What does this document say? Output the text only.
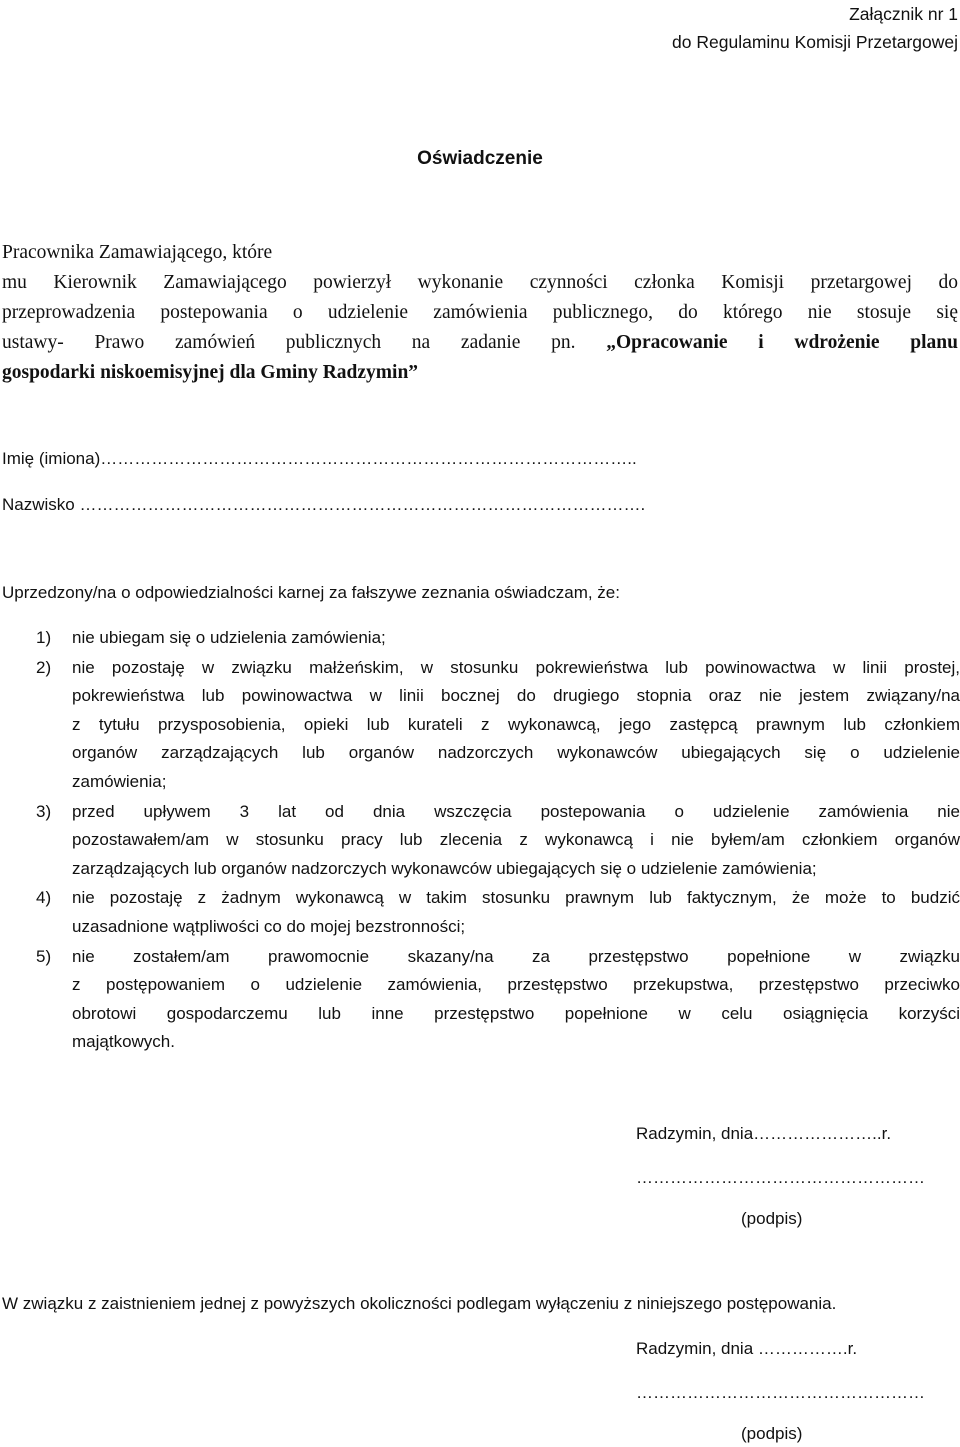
Załącznik nr 1
do Regulaminu Komisji Przetargowej
Oświadczenie
Pracownika Zamawiającego, które
mu Kierownik Zamawiającego powierzył wykonanie czynności członka Komisji przetargowej do
przeprowadzenia postepowania o udzielenie zamówienia publicznego, do którego nie stosuje się
ustawy- Prawo zamówień publicznych na zadanie pn. „Opracowanie i wdrożenie planu
gospodarki niskoemisyjnej dla Gminy Radzymin”
Imię (imiona)…………………………………………………………………………………..
Nazwisko ……………………………………………………………………………………….
Uprzedzony/na o odpowiedzialności karnej za fałszywe zeznania oświadczam, że:
1) nie ubiegam się o udzielenia zamówienia;
2) nie pozostaję w związku małżeńskim, w stosunku pokrewieństwa lub powinowactwa w linii prostej,
pokrewieństwa lub powinowactwa w linii bocznej do drugiego stopnia oraz nie jestem związany/na
z tytułu przysposobienia, opieki lub kurateli z wykonawcą, jego zastępcą prawnym lub członkiem
organów zarządzających lub organów nadzorczych wykonawców ubiegających się o udzielenie
zamówienia;
3) przed upływem 3 lat od dnia wszczęcia postepowania o udzielenie zamówienia nie
pozostawałem/am w stosunku pracy lub zlecenia z wykonawcą i nie byłem/am członkiem organów
zarządzających lub organów nadzorczych wykonawców ubiegających się o udzielenie zamówienia;
4) nie pozostaję z żadnym wykonawcą w takim stosunku prawnym lub faktycznym, że może to budzić
uzasadnione wątpliwości co do mojej bezstronności;
5) nie zostałem/am prawomocnie skazany/na za przestępstwo popełnione w związku
z postępowaniem o udzielenie zamówienia, przestępstwo przekupstwa, przestępstwo przeciwko
obrotowi gospodarczemu lub inne przestępstwo popełnione w celu osiągnięcia korzyści
majątkowych.
Radzymin, dnia…………………..r.
……………………………………………
(podpis)
W związku z zaistnieniem jednej z powyższych okoliczności podlegam wyłączeniu z niniejszego postępowania.
Radzymin, dnia …………….r.
……………………………………………
(podpis)
